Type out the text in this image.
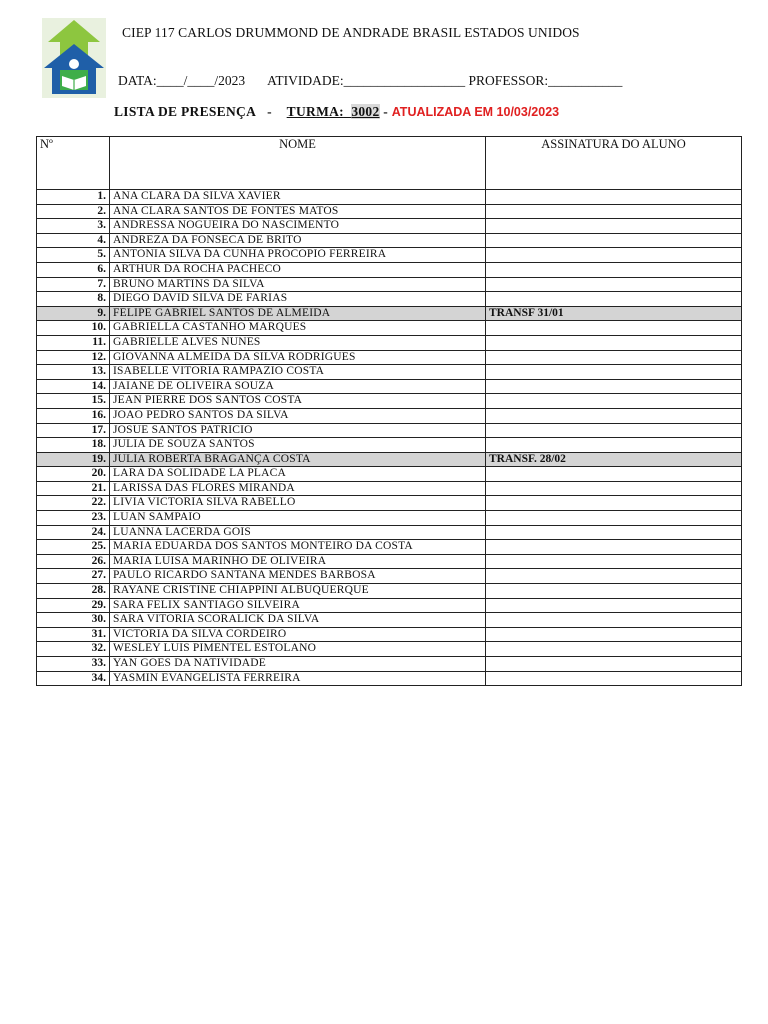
CIEP 117 CARLOS DRUMMOND DE ANDRADE BRASIL ESTADOS UNIDOS
DATA:____/____/2023 ATIVIDADE:__________________ PROFESSOR:___________
LISTA DE PRESENÇA - TURMA: 3002 - ATUALIZADA EM 10/03/2023
Nº	NOME	ASSINATURA DO ALUNO
1.	ANA CLARA DA SILVA XAVIER	
2.	ANA CLARA SANTOS DE FONTES MATOS	
3.	ANDRESSA NOGUEIRA DO NASCIMENTO	
4.	ANDREZA DA FONSECA DE BRITO	
5.	ANTONIA SILVA DA CUNHA PROCOPIO FERREIRA	
6.	ARTHUR DA ROCHA PACHECO	
7.	BRUNO MARTINS DA SILVA	
8.	DIEGO DAVID SILVA DE FARIAS	
9.	FELIPE GABRIEL SANTOS DE ALMEIDA	TRANSF 31/01
10.	GABRIELLA CASTANHO MARQUES	
11.	GABRIELLE ALVES NUNES	
12.	GIOVANNA ALMEIDA DA SILVA RODRIGUES	
13.	ISABELLE VITORIA RAMPAZIO COSTA	
14.	JAIANE DE OLIVEIRA SOUZA	
15.	JEAN PIERRE DOS SANTOS COSTA	
16.	JOAO PEDRO SANTOS DA SILVA	
17.	JOSUE SANTOS PATRICIO	
18.	JULIA DE SOUZA SANTOS	
19.	JULIA ROBERTA BRAGANÇA COSTA	TRANSF. 28/02
20.	LARA DA SOLIDADE LA PLACA	
21.	LARISSA DAS FLORES MIRANDA	
22.	LIVIA VICTORIA SILVA RABELLO	
23.	LUAN SAMPAIO	
24.	LUANNA LACERDA GOIS	
25.	MARIA EDUARDA DOS SANTOS MONTEIRO DA COSTA	
26.	MARIA LUISA MARINHO DE OLIVEIRA	
27.	PAULO RICARDO SANTANA MENDES BARBOSA	
28.	RAYANE CRISTINE CHIAPPINI ALBUQUERQUE	
29.	SARA FELIX SANTIAGO SILVEIRA	
30.	SARA VITORIA SCORALICK DA SILVA	
31.	VICTORIA DA SILVA CORDEIRO	
32.	WESLEY LUIS PIMENTEL ESTOLANO	
33.	YAN GOES DA NATIVIDADE	
34.	YASMIN EVANGELISTA FERREIRA	
